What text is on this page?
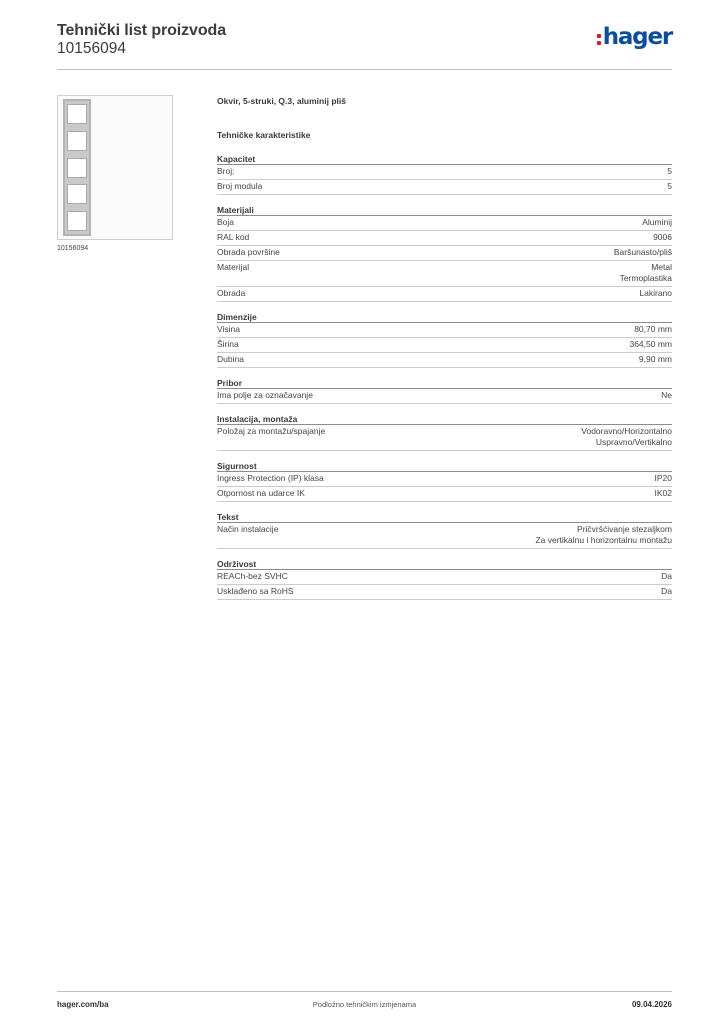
Tehnički list proizvoda
10156094	hager
10156094
Okvir, 5-struki, Q.3, aluminij pliš
Tehničke karakteristike
Kapacitet
Broj:	5
Broj modula	5
Materijali
Boja	Aluminij
RAL kod	9006
Obrada površine	Baršunasto/pliš
Materijal	Metal
Termoplastika
Obrada	Lakirano
Dimenzije
Visina	80,70 mm
Širina	364,50 mm
Dubina	9,90 mm
Pribor
Ima polje za označavanje	Ne
Instalacija, montaža
Položaj za montažu/spajanje	Vodoravno/Horizontalno
Uspravno/Vertikalno
Sigurnost
Ingress Protection (IP) klasa	IP20
Otpornost na udarce IK	IK02
Tekst
Način instalacije	Pričvršćivanje stezaljkom
Za vertikalnu i horizontalnu montažu
Održivost
REACh-bez SVHC	Da
Usklađeno sa RoHS	Da
hager.com/ba	Podložno tehničkim izmjenama	09.04.2026
